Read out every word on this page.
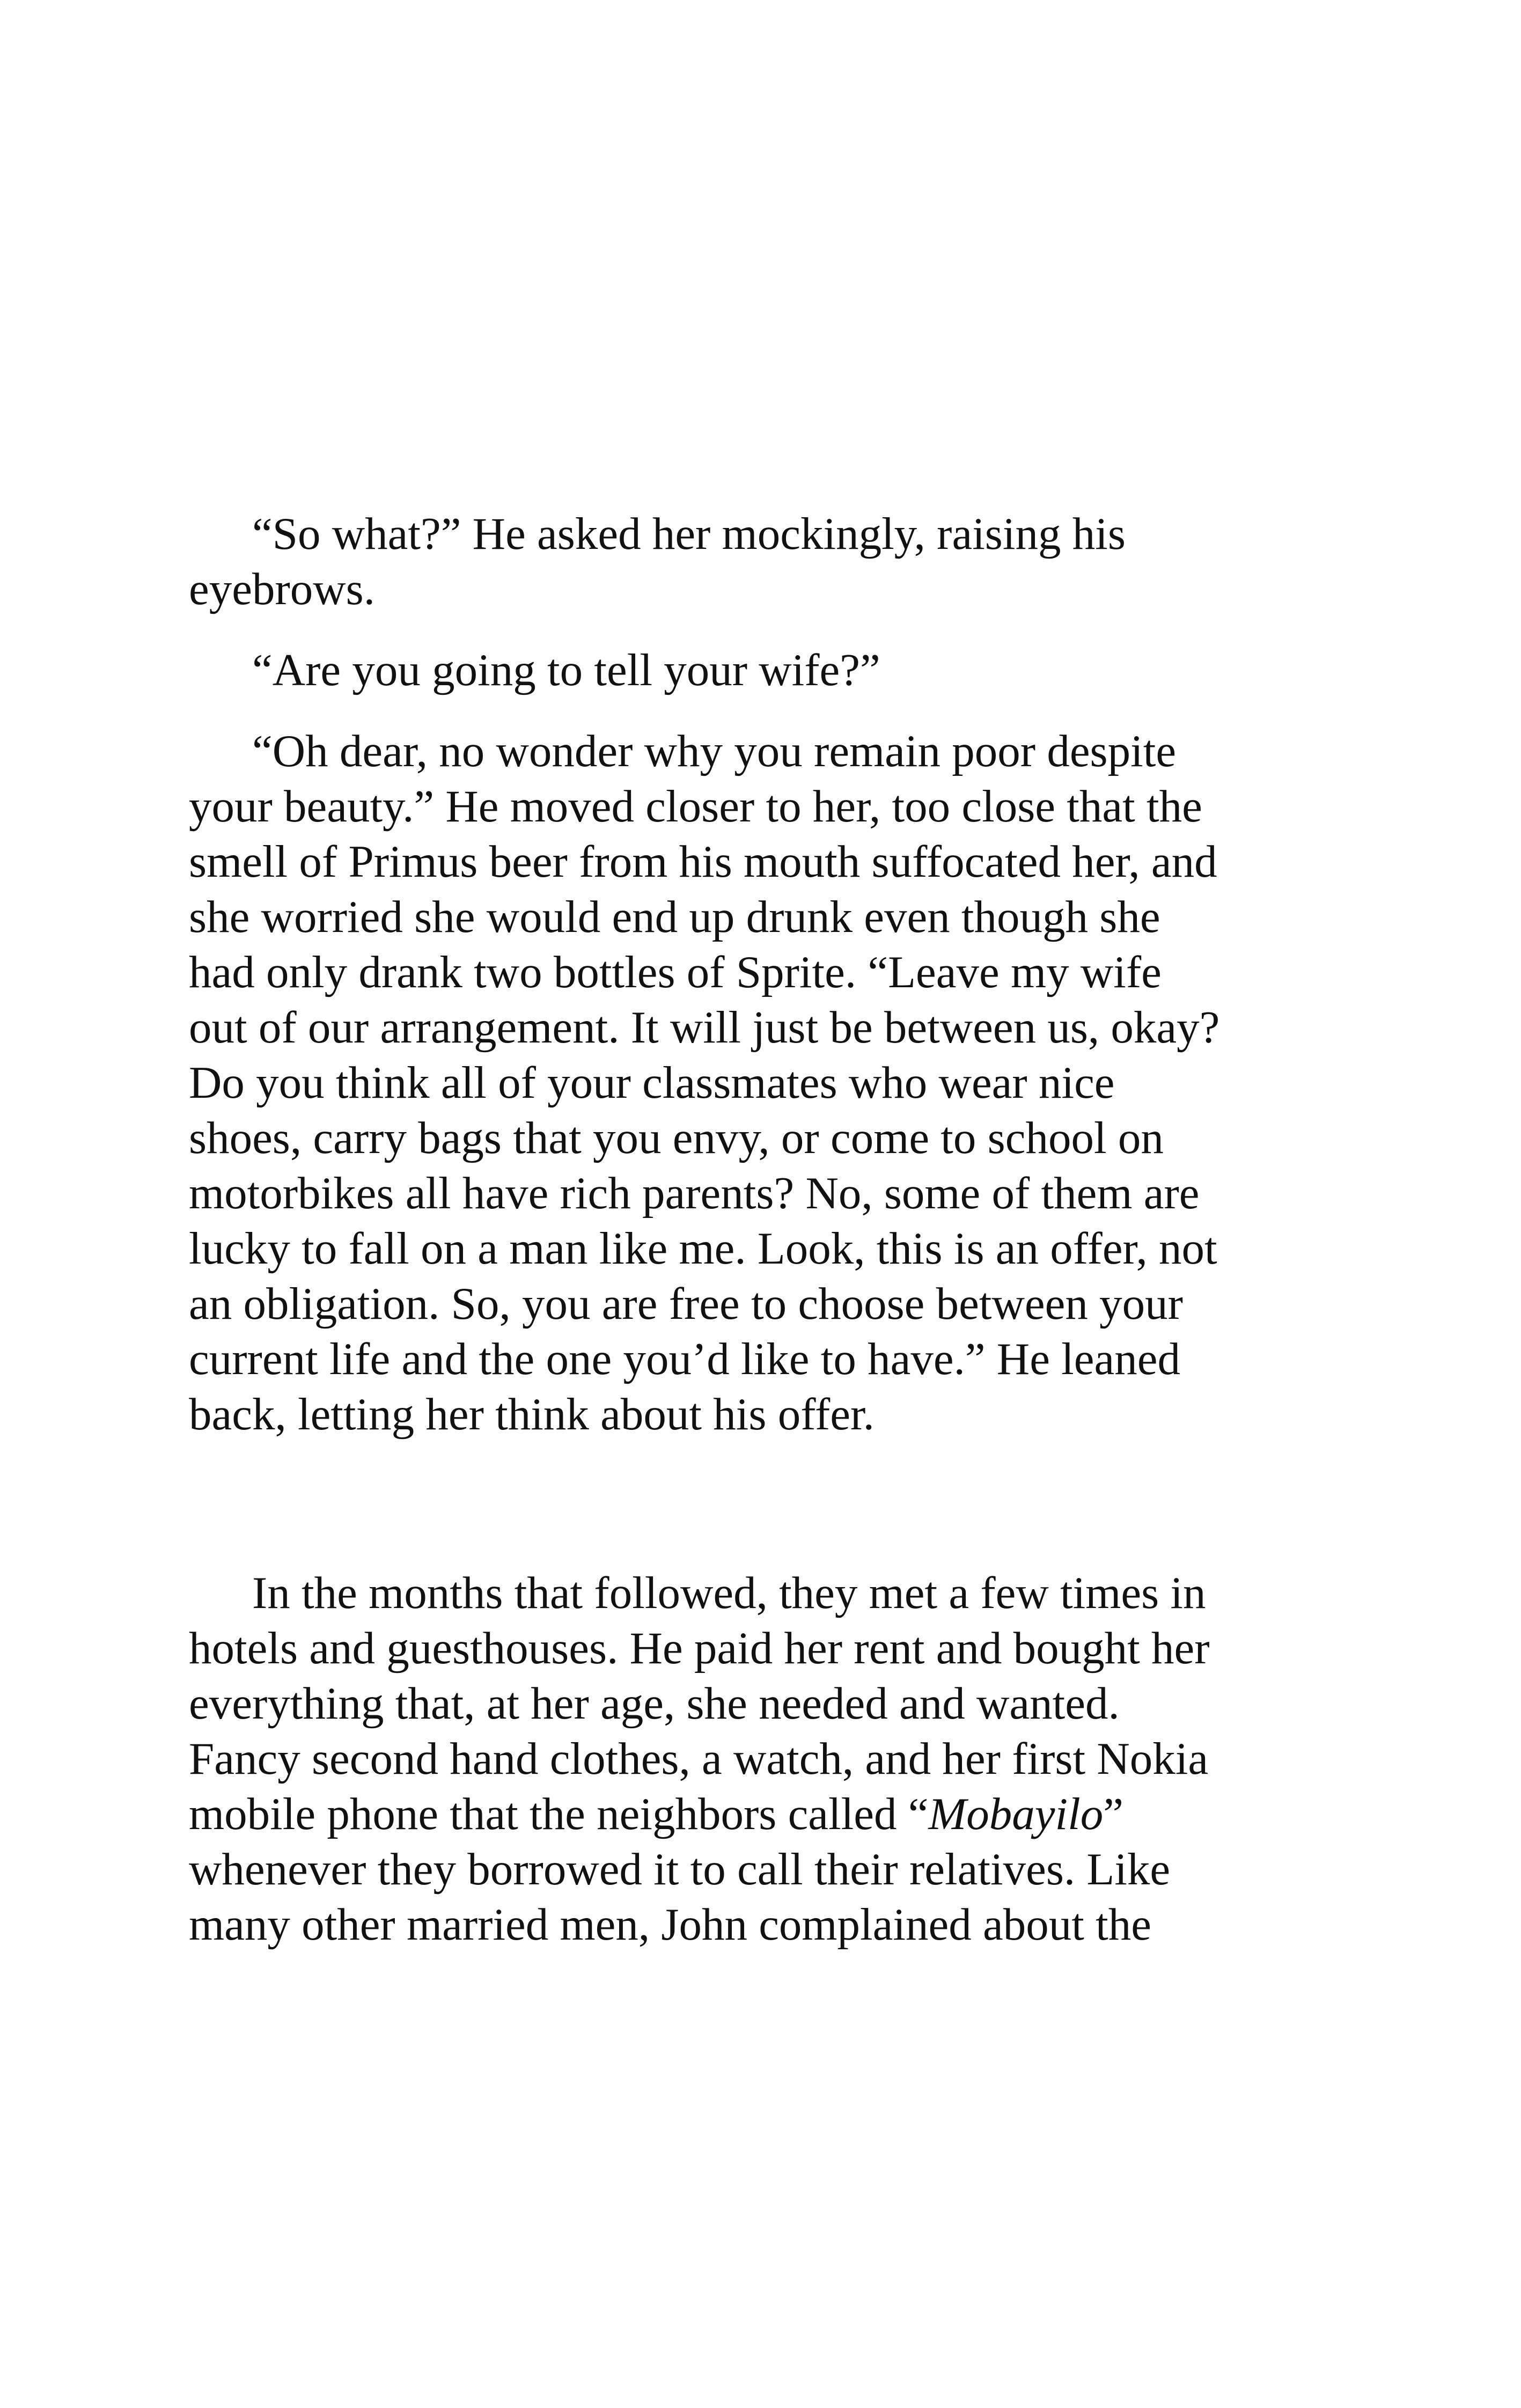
“So what?” He asked her mockingly, raising his
eyebrows.

“Are you going to tell your wife?”

“Oh dear, no wonder why you remain poor despite
your beauty.” He moved closer to her, too close that the
smell of Primus beer from his mouth suffocated her, and
she worried she would end up drunk even though she
had only drank two bottles of Sprite. “Leave my wife
out of our arrangement. It will just be between us, okay?
Do you think all of your classmates who wear nice
shoes, carry bags that you envy, or come to school on
motorbikes all have rich parents? No, some of them are
lucky to fall on a man like me. Look, this is an offer, not
an obligation. So, you are free to choose between your
current life and the one you’d like to have.” He leaned
back, letting her think about his offer.

In the months that followed, they met a few times in
hotels and guesthouses. He paid her rent and bought her
everything that, at her age, she needed and wanted.
Fancy second hand clothes, a watch, and her first Nokia
mobile phone that the neighbors called “Mobayilo”
whenever they borrowed it to call their relatives. Like
many other married men, John complained about the
